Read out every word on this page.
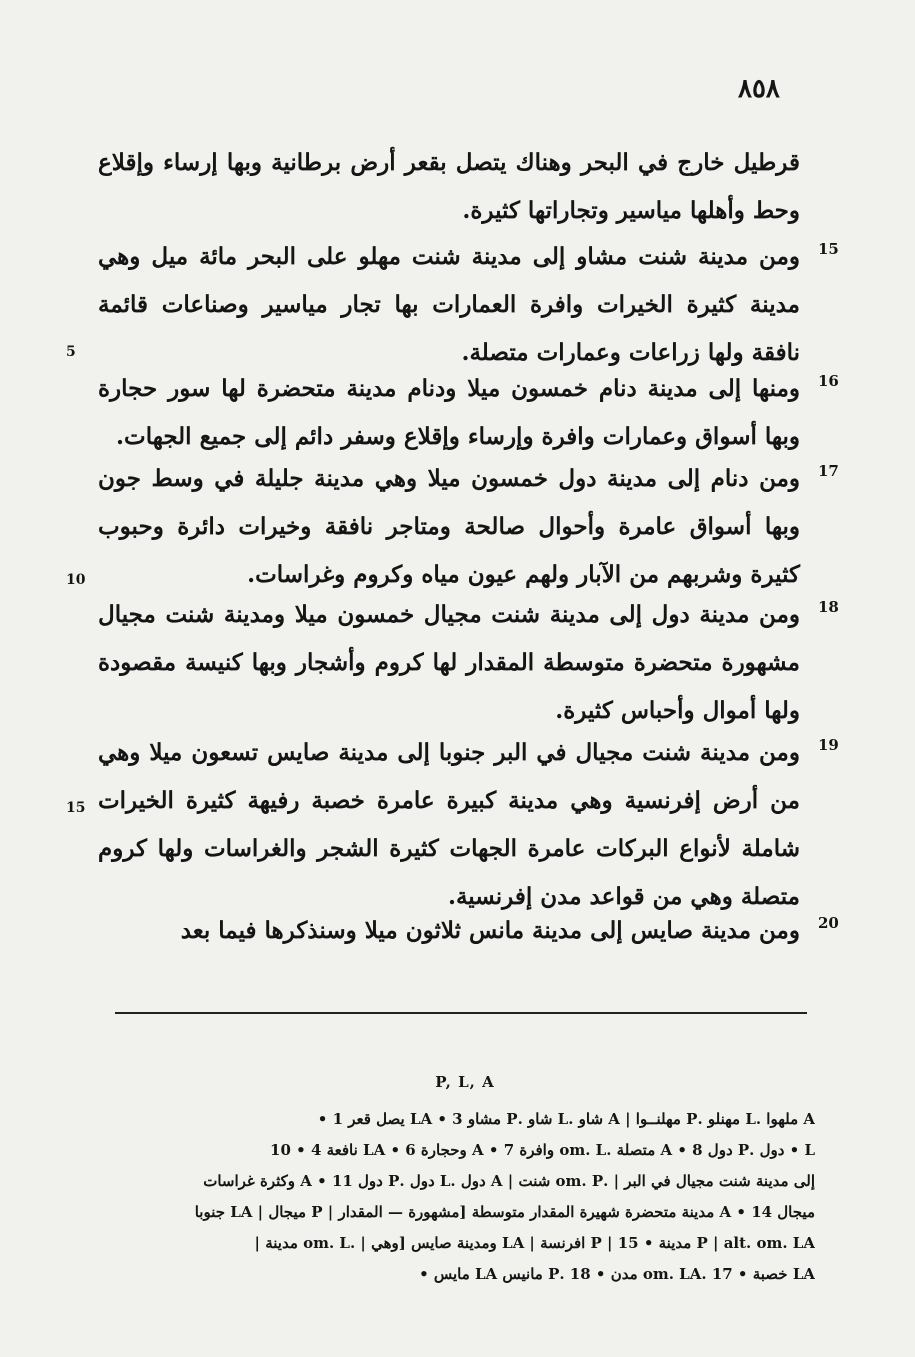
٨٥٨
قرطيل خارج في البحر وهناك يتصل بقعر أرض برطانية وبها إرساء وإقلاع وحط وأهلها مياسير وتجاراتها كثيرة.
15
ومن مدينة شنت مشاو إلى مدينة شنت مهلو على البحر مائة ميل وهي مدينة كثيرة الخيرات وافرة العمارات بها تجار مياسير وصناعات قائمة نافقة ولها زراعات وعمارات متصلة.
5
16
ومنها إلى مدينة دنام خمسون ميلا ودنام مدينة متحضرة لها سور حجارة وبها أسواق وعمارات وافرة وإرساء وإقلاع وسفر دائم إلى جميع الجهات.
17
ومن دنام إلى مدينة دول خمسون ميلا وهي مدينة جليلة في وسط جون وبها أسواق عامرة وأحوال صالحة ومتاجر نافقة وخيرات دائرة وحبوب كثيرة وشربهم من الآبار ولهم عيون مياه وكروم وغراسات.
10
18
ومن مدينة دول إلى مدينة شنت مجيال خمسون ميلا ومدينة شنت مجيال مشهورة متحضرة متوسطة المقدار لها كروم وأشجار وبها كنيسة مقصودة ولها أموال وأحباس كثيرة.
19
ومن مدينة شنت مجيال في البر جنوبا إلى مدينة صايس تسعون ميلا وهي من أرض إفرنسية وهي مدينة كبيرة عامرة خصبة رفيهة كثيرة الخيرات شاملة لأنواع البركات عامرة الجهات كثيرة الشجر والغراسات ولها كروم متصلة وهي من قواعد مدن إفرنسية.
15
20
ومن مدينة صايس إلى مدينة مانس ثلاثون ميلا وسنذكرها فيما بعد
P, L, A
A ملهوا .L مهنلو .P مهلنــوا | A شاو .L شاو .P مشاو 3 • LA يصل قعر 1 •
L • دول .P دول 8 • A متصلة .om. L وافرة 7 • A وحجارة 6 • LA نافعة 4 • 10
إلى مدينة شنت مجيال في البر | .om. P شنت | A دول .L دول .P دول 11 • A وكثرة غراسات
ميجال 14 • A مدينة متحضرة شهيرة المقدار متوسطة [مشهورة — المقدار | P ميجال | LA جنوبا
P | alt. om. LA مدينة • 15 | P افرنسة | LA ومدينة صايس [وهي | .om. L مدينة |
LA خصبة • 17 .om. LA مدن • 18 .P مانيس LA مايس •
